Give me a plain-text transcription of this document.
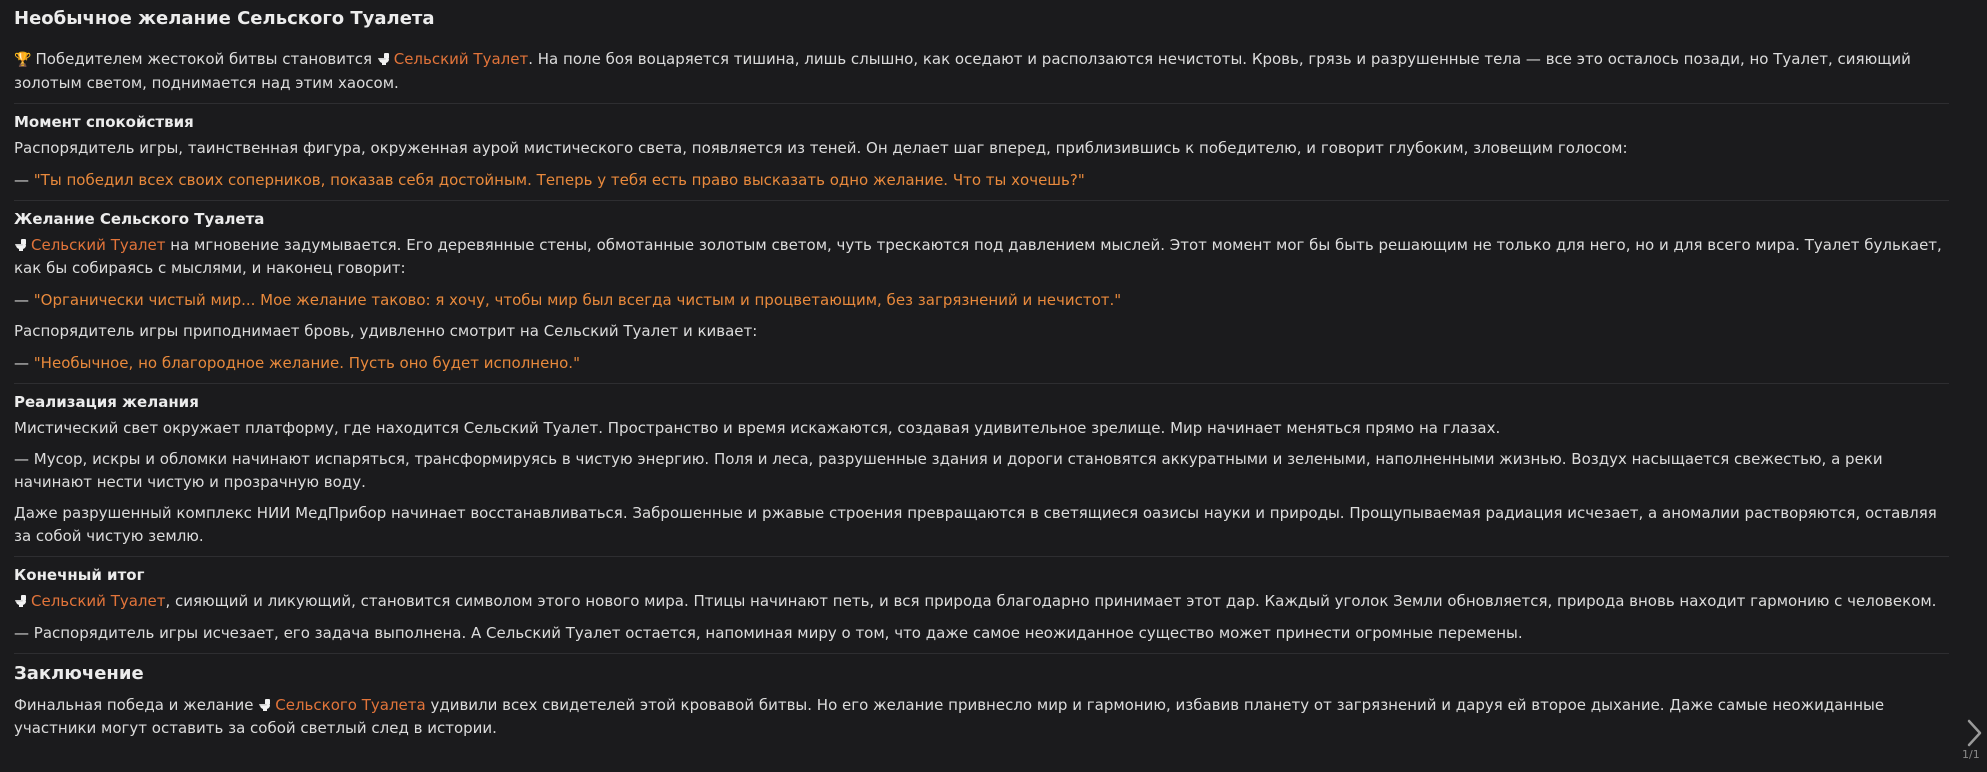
Необычное желание Сельского Туалета

🏆 Победителем жестокой битвы становится Сельский Туалет. На поле боя воцаряется тишина, лишь слышно, как оседают и расползаются нечистоты. Кровь, грязь и разрушенные тела — все это осталось позади, но Туалет, сияющий золотым светом, поднимается над этим хаосом.

Момент спокойствия

Распорядитель игры, таинственная фигура, окруженная аурой мистического света, появляется из теней. Он делает шаг вперед, приблизившись к победителю, и говорит глубоким, зловещим голосом:

— "Ты победил всех своих соперников, показав себя достойным. Теперь у тебя есть право высказать одно желание. Что ты хочешь?"

Желание Сельского Туалета

Сельский Туалет на мгновение задумывается. Его деревянные стены, обмотанные золотым светом, чуть трескаются под давлением мыслей. Этот момент мог бы быть решающим не только для него, но и для всего мира. Туалет булькает, как бы собираясь с мыслями, и наконец говорит:

— "Органически чистый мир... Мое желание таково: я хочу, чтобы мир был всегда чистым и процветающим, без загрязнений и нечистот."

Распорядитель игры приподнимает бровь, удивленно смотрит на Сельский Туалет и кивает:

— "Необычное, но благородное желание. Пусть оно будет исполнено."

Реализация желания

Мистический свет окружает платформу, где находится Сельский Туалет. Пространство и время искажаются, создавая удивительное зрелище. Мир начинает меняться прямо на глазах.

— Мусор, искры и обломки начинают испаряться, трансформируясь в чистую энергию. Поля и леса, разрушенные здания и дороги становятся аккуратными и зелеными, наполненными жизнью. Воздух насыщается свежестью, а реки начинают нести чистую и прозрачную воду.

Даже разрушенный комплекс НИИ МедПрибор начинает восстанавливаться. Заброшенные и ржавые строения превращаются в светящиеся оазисы науки и природы. Прощупываемая радиация исчезает, а аномалии растворяются, оставляя за собой чистую землю.

Конечный итог

Сельский Туалет, сияющий и ликующий, становится символом этого нового мира. Птицы начинают петь, и вся природа благодарно принимает этот дар. Каждый уголок Земли обновляется, природа вновь находит гармонию с человеком.

— Распорядитель игры исчезает, его задача выполнена. А Сельский Туалет остается, напоминая миру о том, что даже самое неожиданное существо может принести огромные перемены.

Заключение

Финальная победа и желание Сельского Туалета удивили всех свидетелей этой кровавой битвы. Но его желание привнесло мир и гармонию, избавив планету от загрязнений и даруя ей второе дыхание. Даже самые неожиданные участники могут оставить за собой светлый след в истории.

1/1
